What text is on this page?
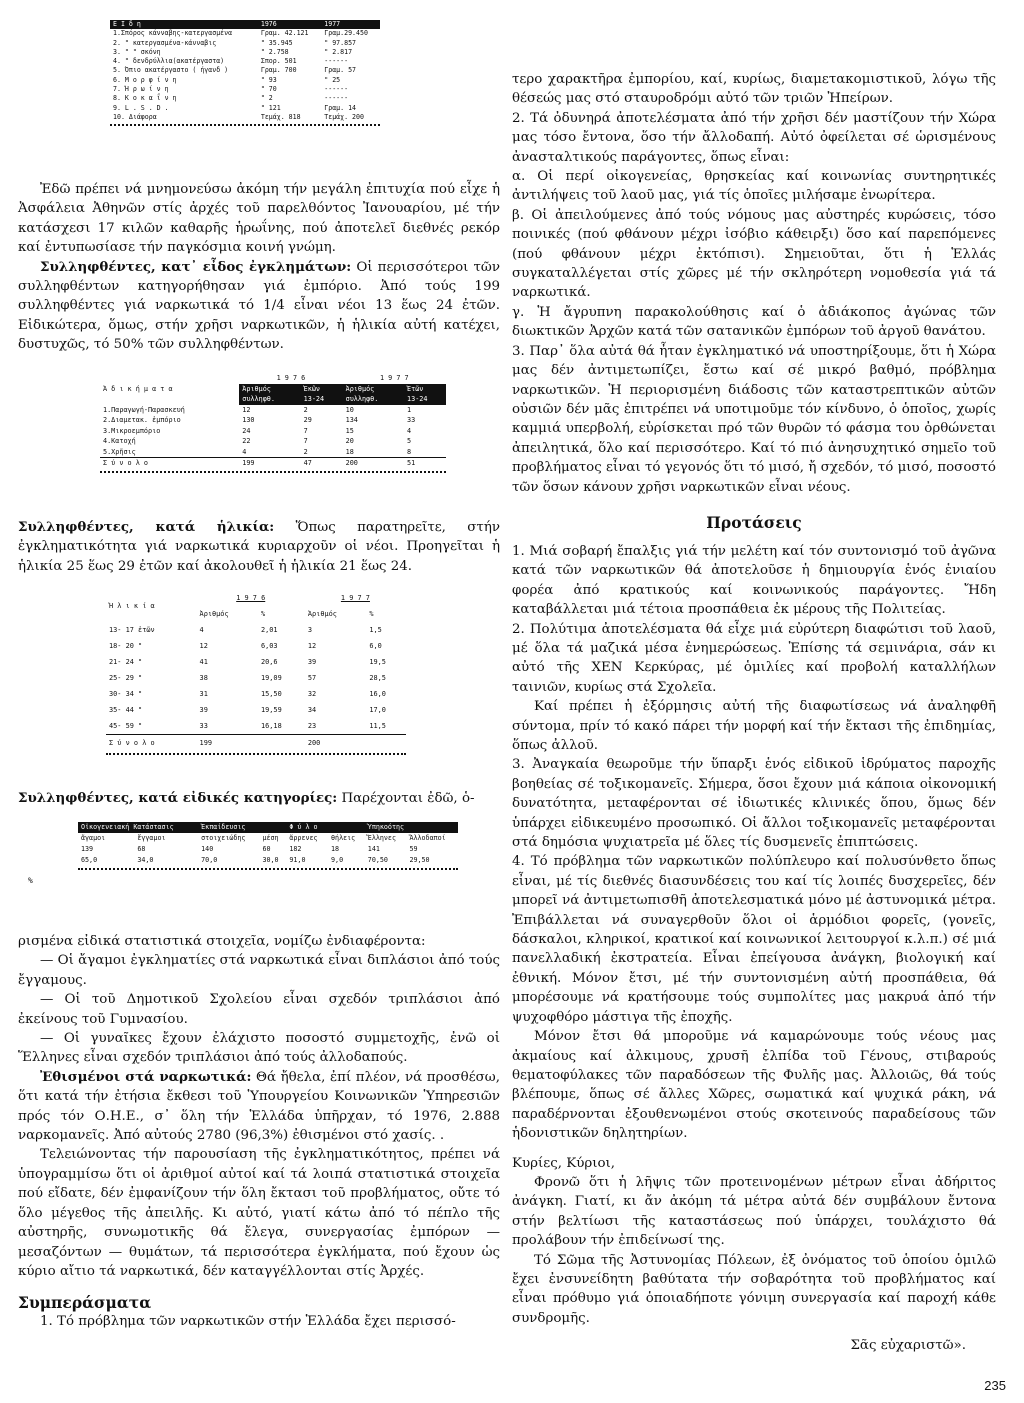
Ε Ι δ η	1976	1977
1.Σπόρος κάνναβης-κατεργασμένα	Γραμ. 42.121	Γραμ.29.450
2. " κατεργασμένα-κάνναβις	" 35.945	" 97.857
3. " " σκόνη	" 2.758	" 2.817
4. " δενδρύλλια(ακατέργαστα)	Σπορ. 501	------
5. Όπιο ακατέργαστο ( ήγανδ )	Γραμ. 700	Γραμ. 57
6. Μ ο ρ φ ί ν η	" 93	" 25
7. Ή ρ ω ί ν η	" 70	------
8. Κ ο κ α ΐ ν η	" 2	------
9. L . S . D .	" 121	Γραμ. 14
10. Διάφορα	Τεμάχ. 818	Τεμάχ. 200

Ἐδῶ πρέπει νά μνημονεύσω ἀκόμη τήν μεγάλη ἐπιτυχία πού εἶχε ἡ Ἀσφάλεια Ἀθηνῶν στίς ἀρχές τοῦ παρελθόντος Ἰανουαρίου, μέ τήν κατάσχεσι 17 κιλῶν καθαρῆς ἡρωΐνης, πού ἀποτελεῖ διεθνές ρεκόρ καί ἐντυπωσίασε τήν παγκόσμια κοινή γνώμη.

Συλληφθέντες, κατ᾽ εἶδος ἐγκλημάτων: Οἱ περισσότεροι τῶν συλληφθέντων κατηγορήθησαν γιά ἐμπόριο. Ἀπό τούς 199 συλληφθέντες γιά ναρκωτικά τό 1/4 εἶναι νέοι 13 ἕως 24 ἐτῶν. Εἰδικώτερα, ὅμως, στήν χρῆσι ναρκωτικῶν, ἡ ἡλικία αὐτή κατέχει, δυστυχῶς, τό 50% τῶν συλληφθέντων.

Ἀ δ ι κ ή μ α τ α	1 9 7 6		1 9 7 7	
	Ἀριθμός	Ἐκῶν	Ἀριθμός	Ἐτῶν
	συλληφθ.	13-24	συλληφθ.	13-24
1.Παραγωγή-Παρασκευή	12	2	10	1
2.Διαμετακ. ἐμπόριο	130	29	134	33
3.Μικροεμπόριο	24	7	15	4
4.Κατοχή	22	7	20	5
5.Χρῆσις	4	2	18	8
Σ ύ ν ο λ ο	199	47	200	51

Συλληφθέντες, κατά ἡλικία: Ὅπως παρατηρεῖτε, στήν ἐγκληματικότητα γιά ναρκωτικά κυριαρχοῦν οἱ νέοι. Προηγεῖται ἡ ἡλικία 25 ἕως 29 ἐτῶν καί ἀκολουθεῖ ἡ ἡλικία 21 ἕως 24.

Ἡ λ ι κ ί α	1 9 7 6		1 9 7 7	
	Ἀριθμός	%	Ἀριθμός	%
13- 17 ἐτῶν	4	2,01	3	1,5
18- 20 "	12	6,03	12	6,0
21- 24 "	41	20,6	39	19,5
25- 29 "	38	19,09	57	28,5
30- 34 "	31	15,50	32	16,0
35- 44 "	39	19,59	34	17,0
45- 59 "	33	16,18	23	11,5
Σ ύ ν ο λ ο	199		200	

Συλληφθέντες, κατά εἰδικές κατηγορίες: Παρέχονται ἐδῶ, ὁ-

Οἰκογενειακή Κατάστασις		Ἐκπαίδευσις		Φ ύ λ ο		Ὑπηκοότης	
ἄγαμοι	ἔγγαμοι	στοιχειώδης	μέση	ἄρρενες	θήλεις	Ἕλληνες	Ἄλλοδαποί
139	68	140	60	182	18	141	59
65,0	34,0	70,0	30,0	91,0	9,0	70,50	29,50
%

ρισμένα εἰδικά στατιστικά στοιχεῖα, νομίζω ἐνδιαφέροντα:

— Οἱ ἄγαμοι ἐγκληματίες στά ναρκωτικά εἶναι διπλάσιοι ἀπό τούς ἔγγαμους.

— Οἱ τοῦ Δημοτικοῦ Σχολείου εἶναι σχεδόν τριπλάσιοι ἀπό ἐκείνους τοῦ Γυμνασίου.

— Οἱ γυναῖκες ἔχουν ἐλάχιστο ποσοστό συμμετοχῆς, ἐνῶ οἱ Ἕλληνες εἶναι σχεδόν τριπλάσιοι ἀπό τούς ἀλλοδαπούς.

Ἐθισμένοι στά ναρκωτικά: Θά ἤθελα, ἐπί πλέον, νά προσθέσω, ὅτι κατά τήν ἐτήσια ἔκθεσι τοῦ Ὑπουργείου Κοινωνικῶν Ὑπηρεσιῶν πρός τόν Ο.Η.Ε., σ᾽ ὅλη τήν Ἑλλάδα ὑπῆρχαν, τό 1976, 2.888 ναρκομανεῖς. Ἀπό αὐτούς 2780 (96,3%) ἐθισμένοι στό χασίς. .

Τελειώνοντας τήν παρουσίαση τῆς ἐγκληματικότητος, πρέπει νά ὑπογραμμίσω ὅτι οἱ ἀριθμοί αὐτοί καί τά λοιπά στατιστικά στοιχεῖα πού εἴδατε, δέν ἐμφανίζουν τήν ὅλη ἔκτασι τοῦ προβλήματος, οὔτε τό ὅλο μέγεθος τῆς ἀπειλῆς. Κι αὐτό, γιατί κάτω ἀπό τό πέπλο τῆς αὐστηρῆς, συνωμοτικῆς θά ἔλεγα, συνεργασίας ἐμπόρων — μεσαζόντων — θυμάτων, τά περισσότερα ἐγκλήματα, πού ἔχουν ὡς κύριο αἴτιο τά ναρκωτικά, δέν καταγγέλλονται στίς Ἀρχές.

Συμπεράσματα

1. Τό πρόβλημα τῶν ναρκωτικῶν στήν Ἑλλάδα ἔχει περισσό-

τερο χαρακτῆρα ἐμπορίου, καί, κυρίως, διαμετακομιστικοῦ, λόγω τῆς θέσεώς μας στό σταυροδρόμι αὐτό τῶν τριῶν Ἠπείρων.

2. Τά ὀδυνηρά ἀποτελέσματα ἀπό τήν χρῆσι δέν μαστίζουν τήν Χώρα μας τόσο ἔντονα, ὅσο τήν ἄλλοδαπή. Αὐτό ὀφείλεται σέ ὡρισμένους ἀνασταλτικούς παράγοντες, ὅπως εἶναι:

α. Οἱ περί οἰκογενείας, θρησκείας καί κοινωνίας συντηρητικές ἀντιλήψεις τοῦ λαοῦ μας, γιά τίς ὁποῖες μιλήσαμε ἐνωρίτερα.

β. Οἱ ἀπειλούμενες ἀπό τούς νόμους μας αὐστηρές κυρώσεις, τόσο ποινικές (πού φθάνουν μέχρι ἰσόβιο κάθειρξι) ὅσο καί παρεπόμενες (πού φθάνουν μέχρι ἐκτόπισι). Σημειοῦται, ὅτι ἡ Ἑλλάς συγκαταλλέγεται στίς χῶρες μέ τήν σκληρότερη νομοθεσία γιά τά ναρκωτικά.

γ. Ἡ ἄγρυπνη παρακολούθησις καί ὁ ἀδιάκοπος ἀγώνας τῶν διωκτικῶν Ἀρχῶν κατά τῶν σατανικῶν ἐμπόρων τοῦ ἀργοῦ θανάτου.

3. Παρ᾽ ὅλα αὐτά θά ἦταν ἐγκληματικό νά υποστηρίξουμε, ὅτι ἡ Χώρα μας δέν ἀντιμετωπίζει, ἔστω καί σέ μικρό βαθμό, πρόβλημα ναρκωτικῶν. Ἡ περιορισμένη διάδοσις τῶν καταστρεπτικῶν αὐτῶν οὐσιῶν δέν μᾶς ἐπιτρέπει νά υποτιμοῦμε τόν κίνδυνο, ὁ ὁποῖος, χωρίς καμμιά υπερβολή, εὑρίσκεται πρό τῶν θυρῶν τό φάσμα του ὀρθώνεται ἀπειλητικά, ὅλο καί περισσότερο. Καί τό πιό ἀνησυχητικό σημεῖο τοῦ προβλήματος εἶναι τό γεγονός ὅτι τό μισό, ἤ σχεδόν, τό μισό, ποσοστό τῶν ὅσων κάνουν χρῆσι ναρκωτικῶν εἶναι νέους.

Προτάσεις

1. Μιά σοβαρή ἔπαλξις γιά τήν μελέτη καί τόν συντονισμό τοῦ ἀγῶνα κατά τῶν ναρκωτικῶν θά ἀποτελοῦσε ἡ δημιουργία ἑνός ἑνιαίου φορέα ἀπό κρατικούς καί κοινωνικούς παράγοντες. Ἤδη καταβάλλεται μιά τέτοια προσπάθεια ἐκ μέρους τῆς Πολιτείας.

2. Πολύτιμα ἀποτελέσματα θά εἶχε μιά εὐρύτερη διαφώτισι τοῦ λαοῦ, μέ ὅλα τά μαζικά μέσα ἐνημερώσεως. Ἐπίσης τά σεμινάρια, σάν κι αὐτό τῆς ΧΕΝ Κερκύρας, μέ ὁμιλίες καί προβολή καταλλήλων ταινιῶν, κυρίως στά Σχολεῖα.

Καί πρέπει ἡ ἐξόρμησις αὐτή τῆς διαφωτίσεως νά ἀναληφθῆ σύντομα, πρίν τό κακό πάρει τήν μορφή καί τήν ἔκτασι τῆς ἐπιδημίας, ὅπως ἀλλοῦ.

3. Ἀναγκαία θεωροῦμε τήν ὕπαρξι ἑνός εἰδικοῦ ἱδρύματος παροχῆς βοηθείας σέ τοξικομανεῖς. Σήμερα, ὅσοι ἔχουν μιά κάποια οἰκονομική δυνατότητα, μεταφέρονται σέ ἰδιωτικές κλινικές ὅπου, ὅμως δέν ὑπάρχει εἰδικευμένο προσωπικό. Οἱ ἄλλοι τοξικομανεῖς μεταφέρονται στά δημόσια ψυχιατρεῖα μέ ὅλες τίς δυσμενεῖς ἐπιπτώσεις.

4. Τό πρόβλημα τῶν ναρκωτικῶν πολύπλευρο καί πολυσύνθετο ὅπως εἶναι, μέ τίς διεθνές διασυνδέσεις του καί τίς λοιπές δυσχερεῖες, δέν μπορεῖ νά ἀντιμετωπισθῆ ἀποτελεσματικά μόνο μέ ἀστυνομικά μέτρα. Ἐπιβάλλεται νά συναγερθοῦν ὅλοι οἱ ἁρμόδιοι φορεῖς, (γονεῖς, δάσκαλοι, κληρικοί, κρατικοί καί κοινωνικοί λειτουργοί κ.λ.π.) σέ μιά πανελλαδική ἐκστρατεία. Εἶναι ἐπείγουσα ἀνάγκη, βιολογική καί ἐθνική. Μόνον ἔτσι, μέ τήν συντονισμένη αὐτή προσπάθεια, θά μπορέσουμε νά κρατήσουμε τούς συμπολίτες μας μακρυά ἀπό τήν ψυχοφθόρο μάστιγα τῆς ἐποχῆς.

Μόνον ἔτσι θά μποροῦμε νά καμαρώνουμε τούς νέους μας ἀκμαίους καί ἀλκιμους, χρυσῆ ἐλπίδα τοῦ Γένους, στιβαρούς θεματοφύλακες τῶν παραδόσεων τῆς Φυλῆς μας. Ἀλλοιῶς, θά τούς βλέπουμε, ὅπως σέ ἄλλες Χῶρες, σωματικά καί ψυχικά ράκη, νά παραδέρνονται ἐξουθενωμένοι στούς σκοτεινούς παραδείσους τῶν ἡδονιστικῶν δηλητηρίων.

Κυρίες, Κύριοι,

Φρονῶ ὅτι ἡ λῆψις τῶν προτεινομένων μέτρων εἶναι ἀδήριτος ἀνάγκη. Γιατί, κι ἄν ἀκόμη τά μέτρα αὐτά δέν συμβάλουν ἔντονα στήν βελτίωσι τῆς καταστάσεως πού ὑπάρχει, τουλάχιστο θά προλάβουν τήν ἐπιδείνωσί της.

Τό Σῶμα τῆς Ἀστυνομίας Πόλεων, ἐξ ὀνόματος τοῦ ὁποίου ὁμιλῶ ἔχει ἐνσυνείδητη βαθύτατα τήν σοβαρότητα τοῦ προβλήματος καί εἶναι πρόθυμο γιά ὁποιαδήποτε γόνιμη συνεργασία καί παροχή κάθε συνδρομῆς.

Σᾶς εὐχαριστῶ».

235
